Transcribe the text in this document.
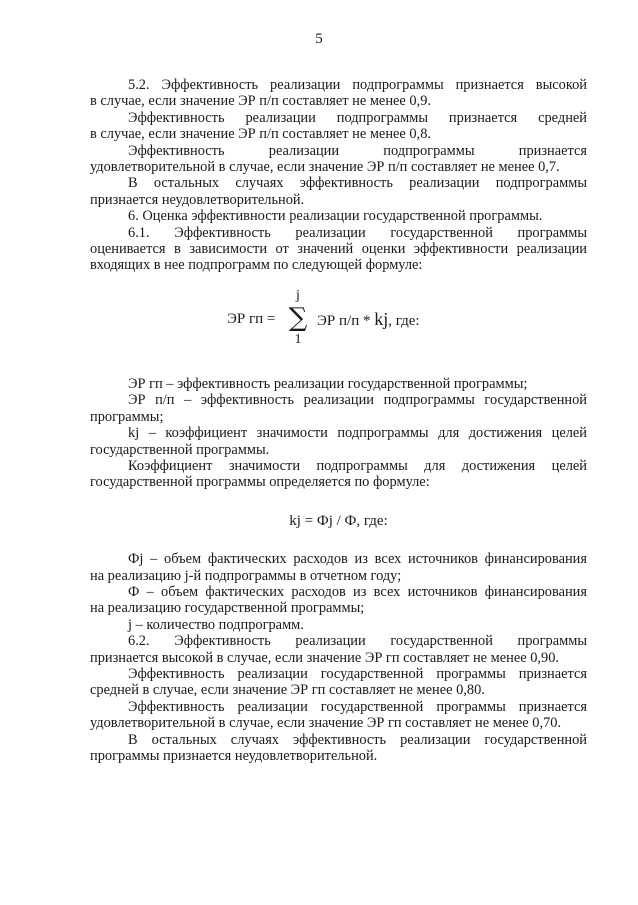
5

5.2. Эффективность реализации подпрограммы признается высокой
в случае, если значение ЭР п/п составляет не менее 0,9.

Эффективность реализации подпрограммы признается средней
в случае, если значение ЭР п/п составляет не менее 0,8.

Эффективность реализации подпрограммы признается
удовлетворительной в случае, если значение ЭР п/п составляет не менее 0,7.

В остальных случаях эффективность реализации подпрограммы
признается неудовлетворительной.

6. Оценка эффективности реализации государственной программы.

6.1. Эффективность реализации государственной программы
оценивается в зависимости от значений оценки эффективности реализации
входящих в нее подпрограмм по следующей формуле:

ЭР гп =
j
∑
1
ЭР п/п * kj, где:

ЭР гп – эффективность реализации государственной программы;

ЭР п/п – эффективность реализации подпрограммы государственной
программы;

kj – коэффициент значимости подпрограммы для достижения целей
государственной программы.

Коэффициент значимости подпрограммы для достижения целей
государственной программы определяется по формуле:

kj = Фj / Ф, где:

Фj – объем фактических расходов из всех источников финансирования
на реализацию j-й подпрограммы в отчетном году;

Ф – объем фактических расходов из всех источников финансирования
на реализацию государственной программы;

j – количество подпрограмм.

6.2. Эффективность реализации государственной программы
признается высокой в случае, если значение ЭР гп составляет не менее 0,90.

Эффективность реализации государственной программы признается
средней в случае, если значение ЭР гп составляет не менее 0,80.

Эффективность реализации государственной программы признается
удовлетворительной в случае, если значение ЭР гп составляет не менее 0,70.

В остальных случаях эффективность реализации государственной
программы признается неудовлетворительной.
